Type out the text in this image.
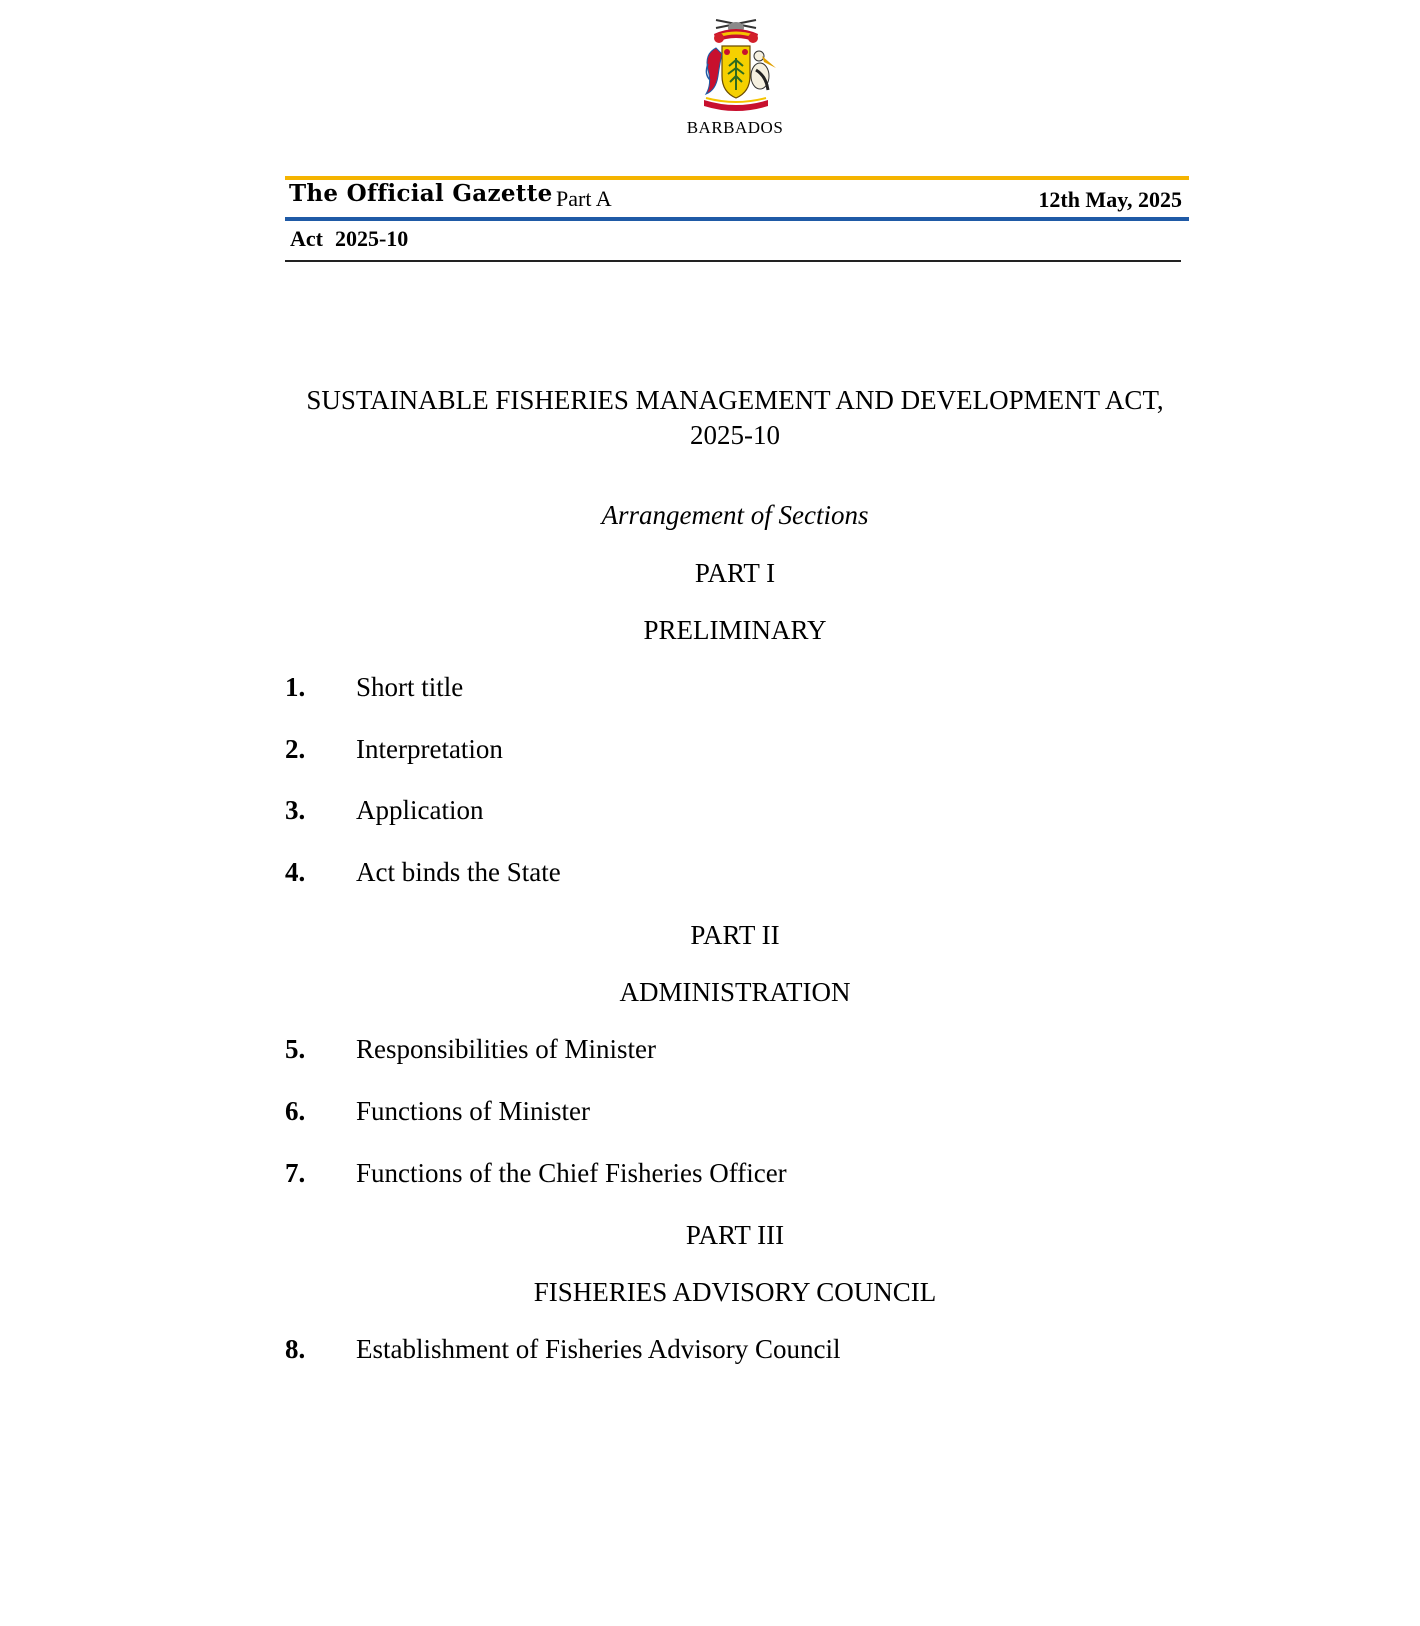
BARBADOS
The Official Gazette Part A	12th May, 2025
Act 2025-10
SUSTAINABLE FISHERIES MANAGEMENT AND DEVELOPMENT ACT,
2025-10
Arrangement of Sections
PART I
PRELIMINARY
1. Short title
2. Interpretation
3. Application
4. Act binds the State
PART II
ADMINISTRATION
5. Responsibilities of Minister
6. Functions of Minister
7. Functions of the Chief Fisheries Officer
PART III
FISHERIES ADVISORY COUNCIL
8. Establishment of Fisheries Advisory Council
